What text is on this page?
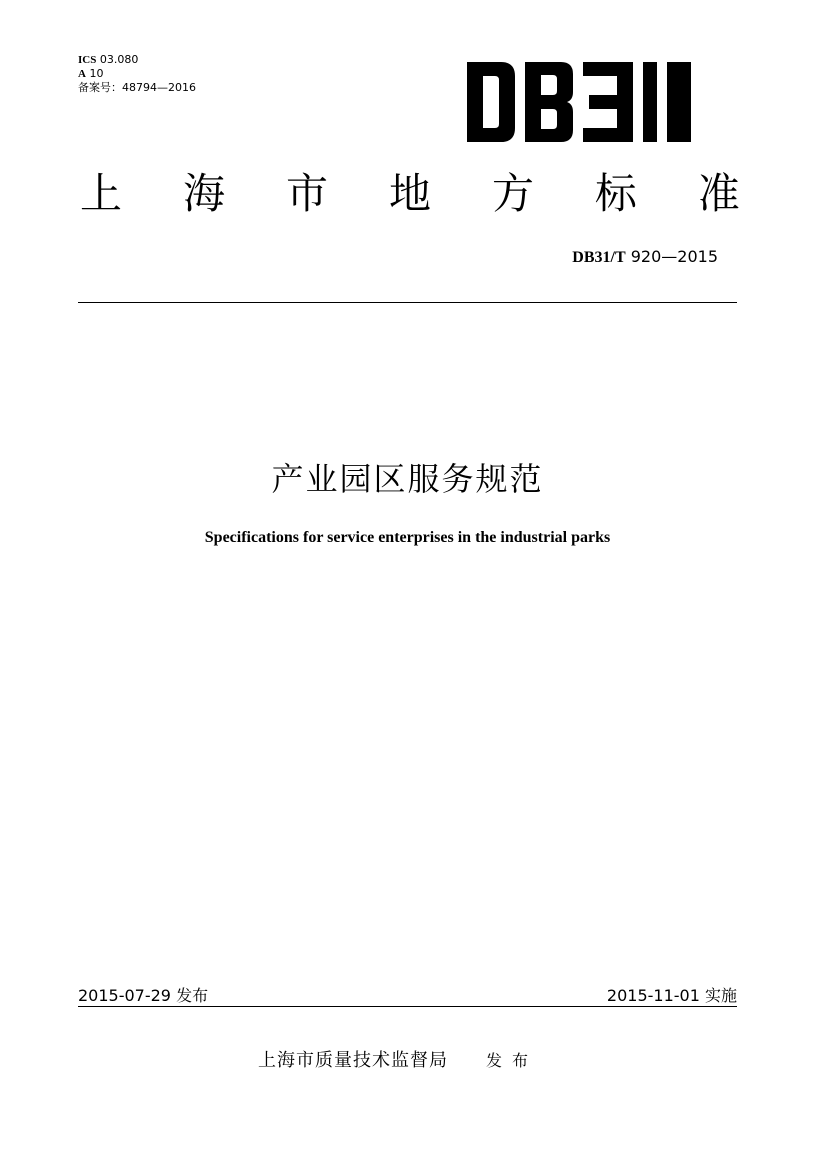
ICS 03.080
A 10
备案号：48794—2016
上 海 市 地 方 标 准
DB31/T 920—2015
产业园区服务规范
Specifications for service enterprises in the industrial parks
2015-07-29 发布	2015-11-01 实施
上海市质量技术监督局 发布
